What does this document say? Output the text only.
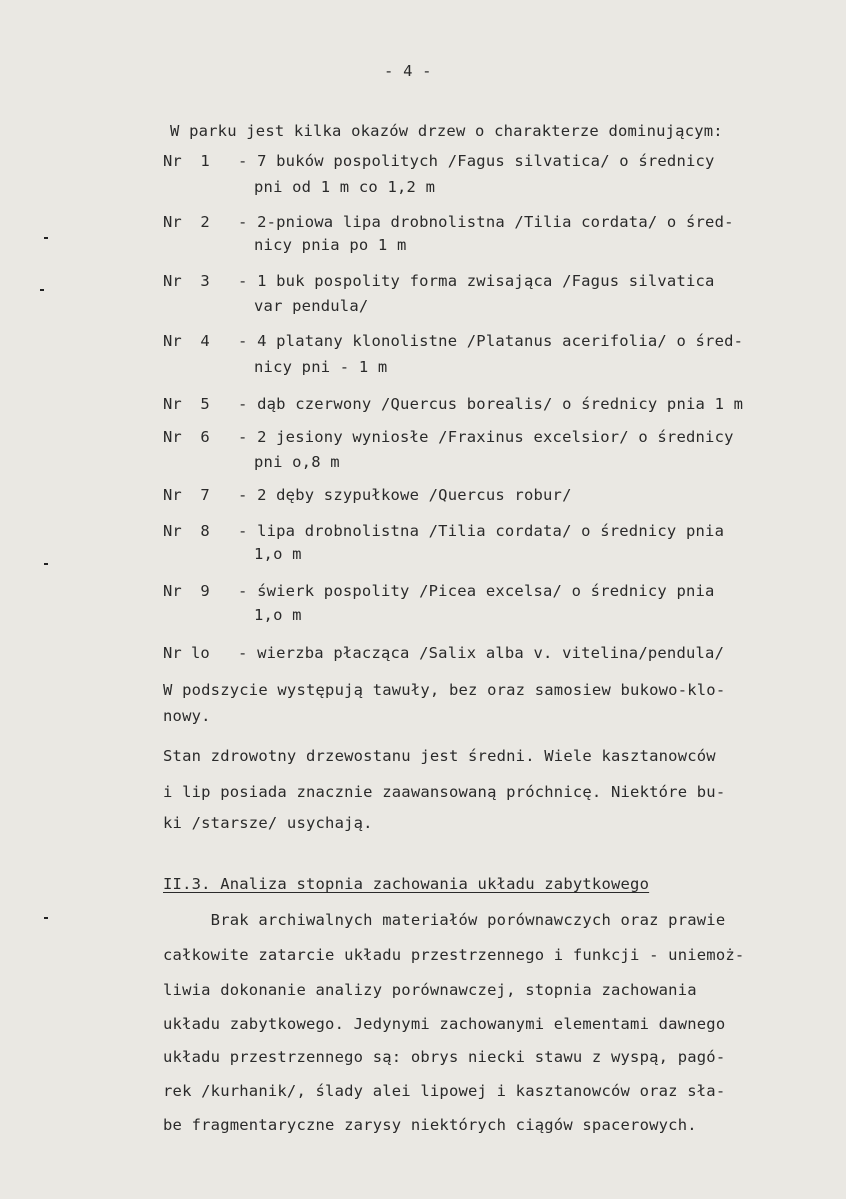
- 4 -
W parku jest kilka okazów drzew o charakterze dominującym:
Nr  1 - 7 buków pospolitych /Fagus silvatica/ o średnicy
pni od 1 m co 1,2 m
Nr  2 - 2-pniowa lipa drobnolistna /Tilia cordata/ o śred-
nicy pnia po 1 m
Nr  3 - 1 buk pospolity forma zwisająca /Fagus silvatica
var pendula/
Nr  4 - 4 platany klonolistne /Platanus acerifolia/ o śred-
nicy pni - 1 m
Nr  5 - dąb czerwony /Quercus borealis/ o średnicy pnia 1 m
Nr  6 - 2 jesiony wyniosłe /Fraxinus excelsior/ o średnicy
pni o,8 m
Nr  7 - 2 dęby szypułkowe /Quercus robur/
Nr  8 - lipa drobnolistna /Tilia cordata/ o średnicy pnia
1,o m
Nr  9 - świerk pospolity /Picea excelsa/ o średnicy pnia
1,o m
Nr lo - wierzba płacząca /Salix alba v. vitelina/pendula/
W podszycie występują tawuły, bez oraz samosiew bukowo-klo-
nowy.
Stan zdrowotny drzewostanu jest średni. Wiele kasztanowców
i lip posiada znacznie zaawansowaną próchnicę. Niektóre bu-
ki /starsze/ usychają.
II.3. Analiza stopnia zachowania układu zabytkowego
Brak archiwalnych materiałów porównawczych oraz prawie
całkowite zatarcie układu przestrzennego i funkcji - uniemoż-
liwia dokonanie analizy porównawczej, stopnia zachowania
układu zabytkowego. Jedynymi zachowanymi elementami dawnego
układu przestrzennego są: obrys niecki stawu z wyspą, pagó-
rek /kurhanik/, ślady alei lipowej i kasztanowców oraz sła-
be fragmentaryczne zarysy niektórych ciągów spacerowych.
